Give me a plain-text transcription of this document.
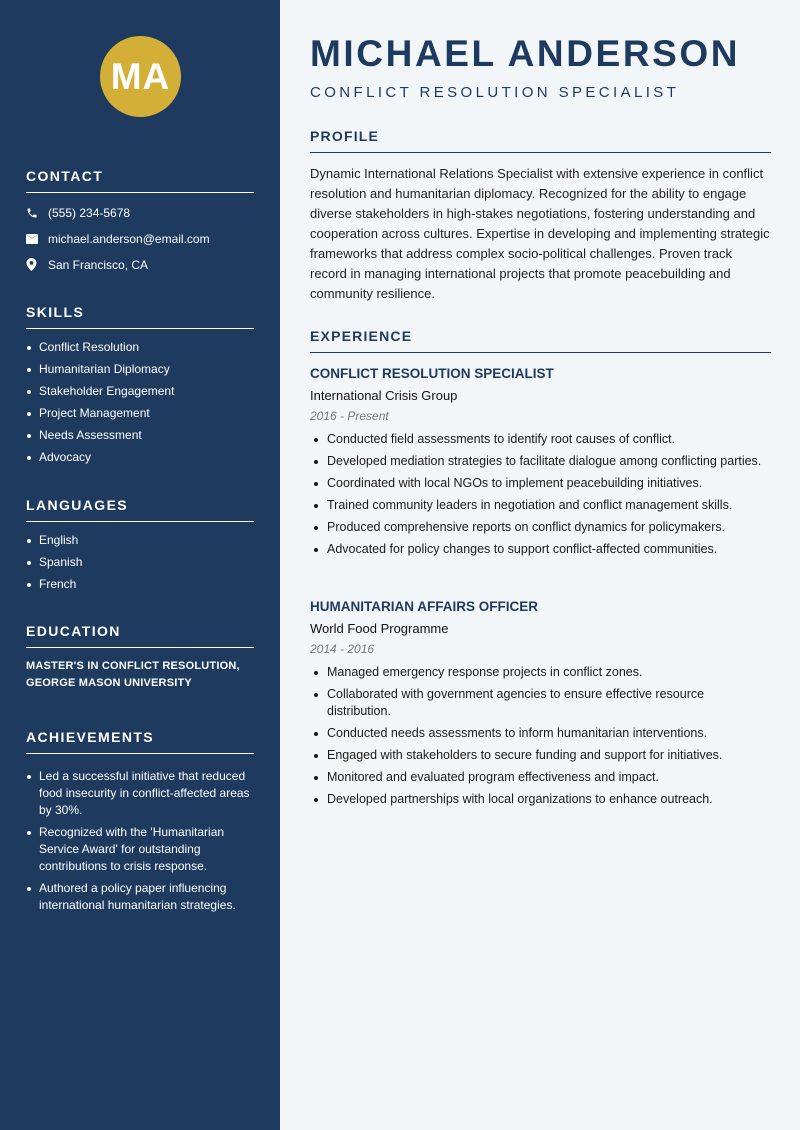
MA
CONTACT
(555) 234-5678
michael.anderson@email.com
San Francisco, CA
SKILLS
Conflict Resolution
Humanitarian Diplomacy
Stakeholder Engagement
Project Management
Needs Assessment
Advocacy
LANGUAGES
English
Spanish
French
EDUCATION

MASTER'S IN CONFLICT RESOLUTION, GEORGE MASON UNIVERSITY

ACHIEVEMENTS
Led a successful initiative that reduced food insecurity in conflict-affected areas by 30%.
Recognized with the 'Humanitarian Service Award' for outstanding contributions to crisis response.
Authored a policy paper influencing international humanitarian strategies.
MICHAEL ANDERSON
CONFLICT RESOLUTION SPECIALIST
PROFILE

Dynamic International Relations Specialist with extensive experience in conflict resolution and humanitarian diplomacy. Recognized for the ability to engage diverse stakeholders in high-stakes negotiations, fostering understanding and cooperation across cultures. Expertise in developing and implementing strategic frameworks that address complex socio-political challenges. Proven track record in managing international projects that promote peacebuilding and community resilience.

EXPERIENCE
CONFLICT RESOLUTION SPECIALIST
International Crisis Group
2016 - Present
Conducted field assessments to identify root causes of conflict.
Developed mediation strategies to facilitate dialogue among conflicting parties.
Coordinated with local NGOs to implement peacebuilding initiatives.
Trained community leaders in negotiation and conflict management skills.
Produced comprehensive reports on conflict dynamics for policymakers.
Advocated for policy changes to support conflict-affected communities.
HUMANITARIAN AFFAIRS OFFICER
World Food Programme
2014 - 2016
Managed emergency response projects in conflict zones.
Collaborated with government agencies to ensure effective resource distribution.
Conducted needs assessments to inform humanitarian interventions.
Engaged with stakeholders to secure funding and support for initiatives.
Monitored and evaluated program effectiveness and impact.
Developed partnerships with local organizations to enhance outreach.
